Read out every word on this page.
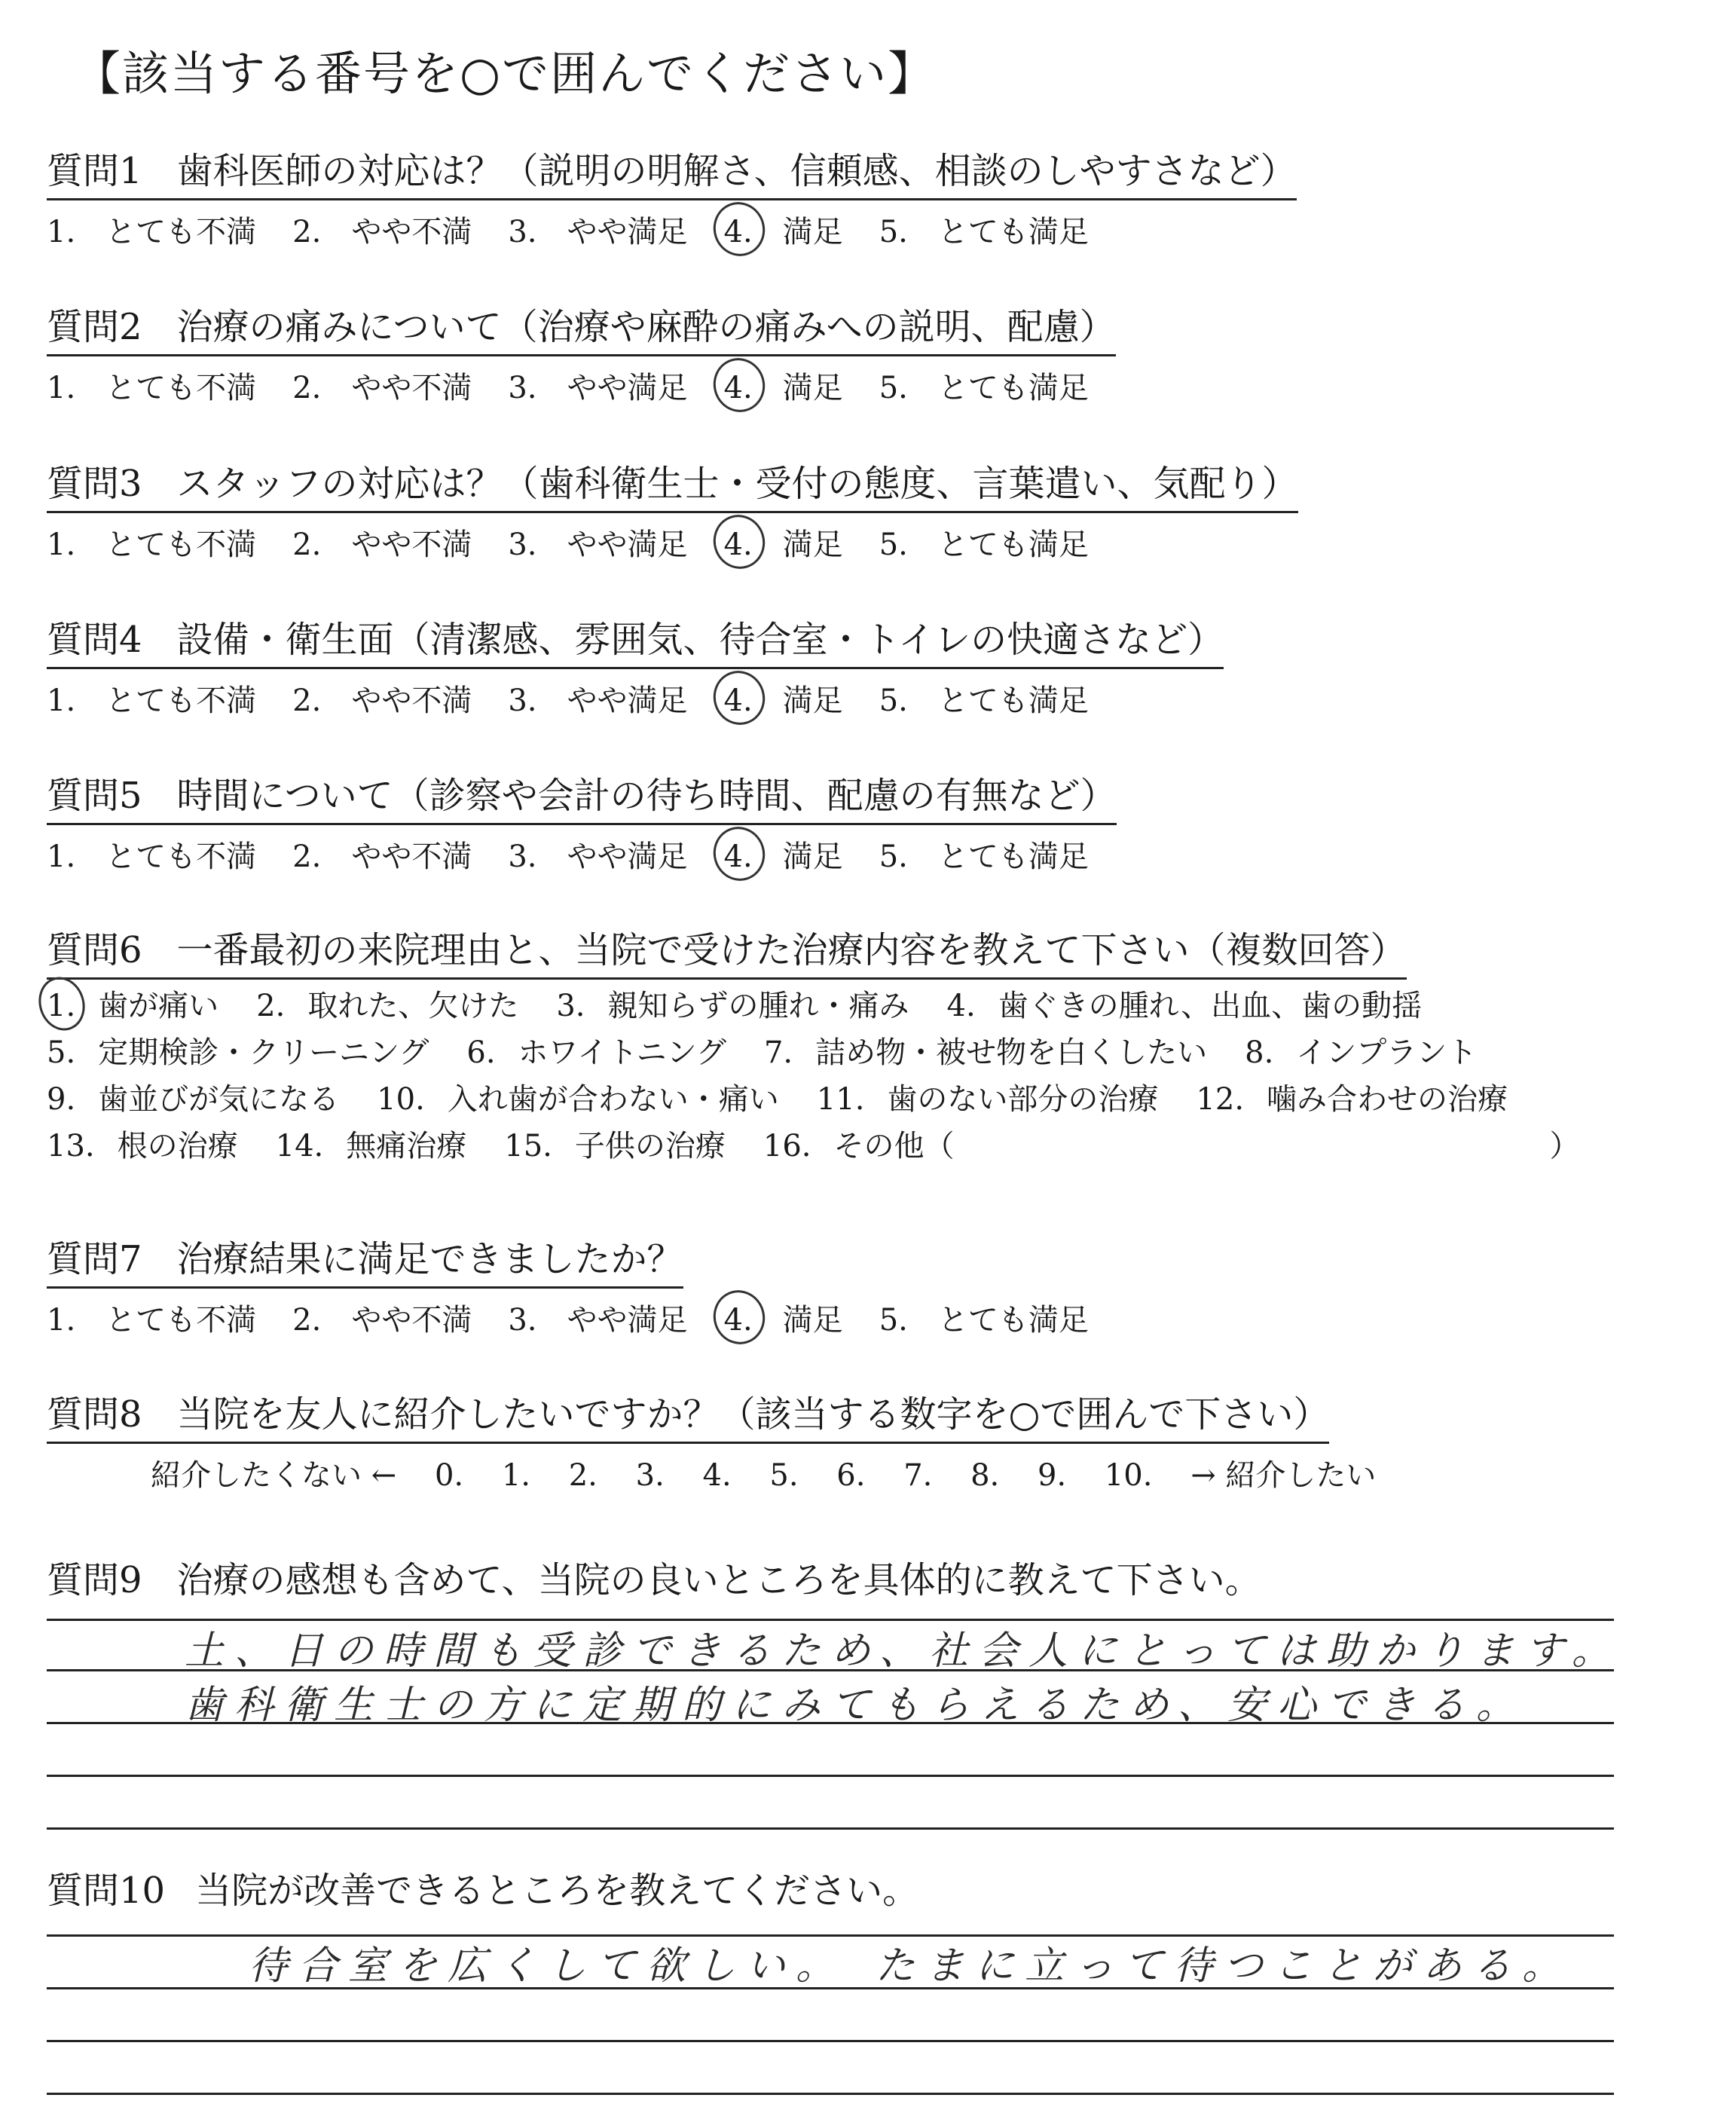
【該当する番号を○で囲んでください】
質問1 歯科医師の対応は？（説明の明解さ、信頼感、相談のしやすさなど）
1.　とても不満 2.　やや不満 3.　やや満足 4.　満足 5.　とても満足
質問2 治療の痛みについて（治療や麻酔の痛みへの説明、配慮）
1.　とても不満 2.　やや不満 3.　やや満足 4.　満足 5.　とても満足
質問3 スタッフの対応は？（歯科衛生士・受付の態度、言葉遣い、気配り）
1.　とても不満 2.　やや不満 3.　やや満足 4.　満足 5.　とても満足
質問4 設備・衛生面（清潔感、雰囲気、待合室・トイレの快適さなど）
1.　とても不満 2.　やや不満 3.　やや満足 4.　満足 5.　とても満足
質問5 時間について（診察や会計の待ち時間、配慮の有無など）
1.　とても不満 2.　やや不満 3.　やや満足 4.　満足 5.　とても満足
質問6 一番最初の来院理由と、当院で受けた治療内容を教えて下さい（複数回答）
1. 歯が痛い 2. 取れた、欠けた 3. 親知らずの腫れ・痛み 4. 歯ぐきの腫れ、出血、歯の動揺
5. 定期検診・クリーニング 6. ホワイトニング 7. 詰め物・被せ物を白くしたい 8. インプラント
9. 歯並びが気になる 10. 入れ歯が合わない・痛い 11. 歯のない部分の治療 12. 噛み合わせの治療
13. 根の治療 14. 無痛治療 15. 子供の治療 16. その他（	）
質問7 治療結果に満足できましたか？
1.　とても不満 2.　やや不満 3.　やや満足 4.　満足 5.　とても満足
質問8 当院を友人に紹介したいですか？（該当する数字を○で囲んで下さい）
紹介したくない ← 0. 1. 2. 3. 4. 5. 6. 7. 8. 9. 10. → 紹介したい
質問9 治療の感想も含めて、当院の良いところを具体的に教えて下さい。
土、日の時間も受診できるため、社会人にとっては助かります。
歯科衛生士の方に定期的にみてもらえるため、安心できる。
質問10 当院が改善できるところを教えてください。
待合室を広くして欲しい。　たまに立って待つことがある。
